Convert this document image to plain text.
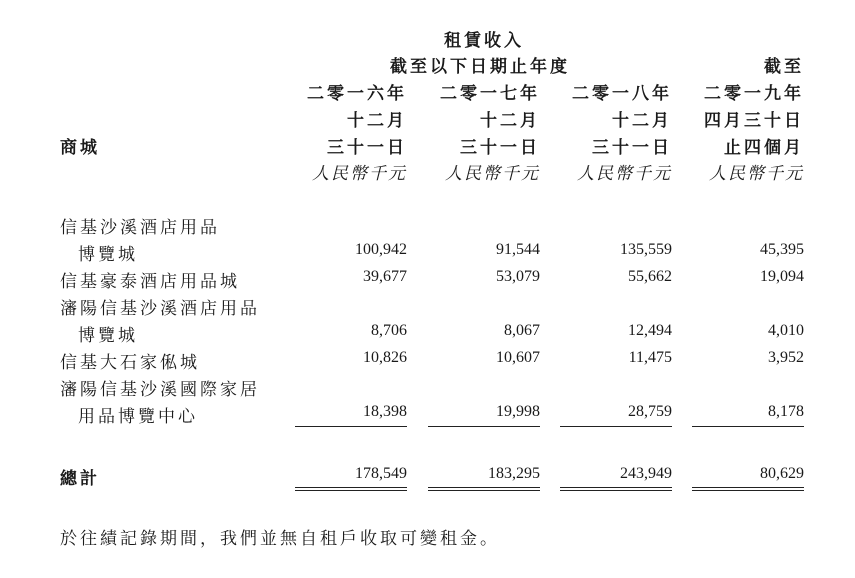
租賃收入
截至以下日期止年度	截至
二零一六年 二零一七年 二零一八年 二零一九年
十二月	十二月	十二月 四月三十日
商城	三十一日	三十一日	三十一日	止四個月
人民幣千元 人民幣千元 人民幣千元 人民幣千元
信基沙溪酒店用品
博覽城	100,942	91,544	135,559	45,395
信基豪泰酒店用品城	39,677	53,079	55,662	19,094
瀋陽信基沙溪酒店用品
博覽城	8,706	8,067	12,494	4,010
信基大石家俬城	10,826	10,607	11,475	3,952
瀋陽信基沙溪國際家居
用品博覽中心	18,398	19,998	28,759	8,178
總計	178,549	183,295	243,949	80,629
於往績記錄期間，我們並無自租戶收取可變租金。
